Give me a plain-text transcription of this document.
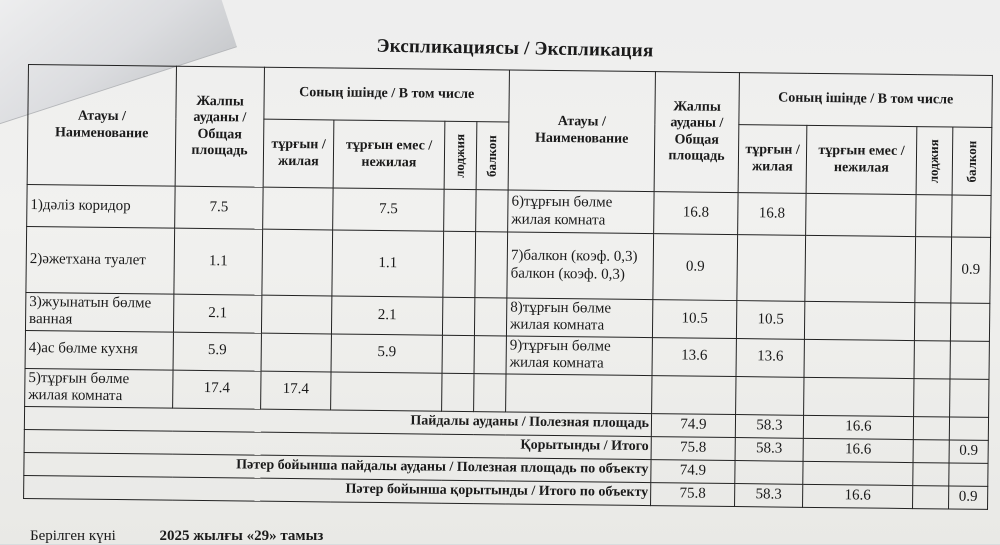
Экспликациясы / Экспликация
Атауы / Наименование	Жалпы ауданы / Общая площадь	Соның ішінде / В том числе				Атауы / Наименование	Жалпы ауданы / Общая площадь	Соның ішінде / В том числе			
		тұрғын / жилая	тұрғын емес / нежилая	лоджия	балкон			тұрғын / жилая	тұрғын емес / нежилая	лоджия	балкон

1)дәліз коридор	7.5		7.5			6)тұрғын бөлме жилая комната	16.8	16.8			
2)әжетхана туалет	1.1		1.1			7)балкон (коэф. 0,3) балкон (коэф. 0,3)	0.9				0.9
3)жуынатын бөлме ванная	2.1		2.1			8)тұрғын бөлме жилая комната	10.5	10.5			
4)ас бөлме кухня	5.9		5.9			9)тұрғын бөлме жилая комната	13.6	13.6			
5)тұрғын бөлме жилая комната	17.4	17.4									
Пайдалы ауданы / Полезная площадь							74.9	58.3	16.6		
Қорытынды / Итого							75.8	58.3	16.6		0.9
Пәтер бойынша пайдалы ауданы / Полезная площадь по объекту							74.9				
Пәтер бойынша қорытынды / Итого по объекту							75.8	58.3	16.6		0.9
Берілген күні	2025 жылғы «29» тамыз
